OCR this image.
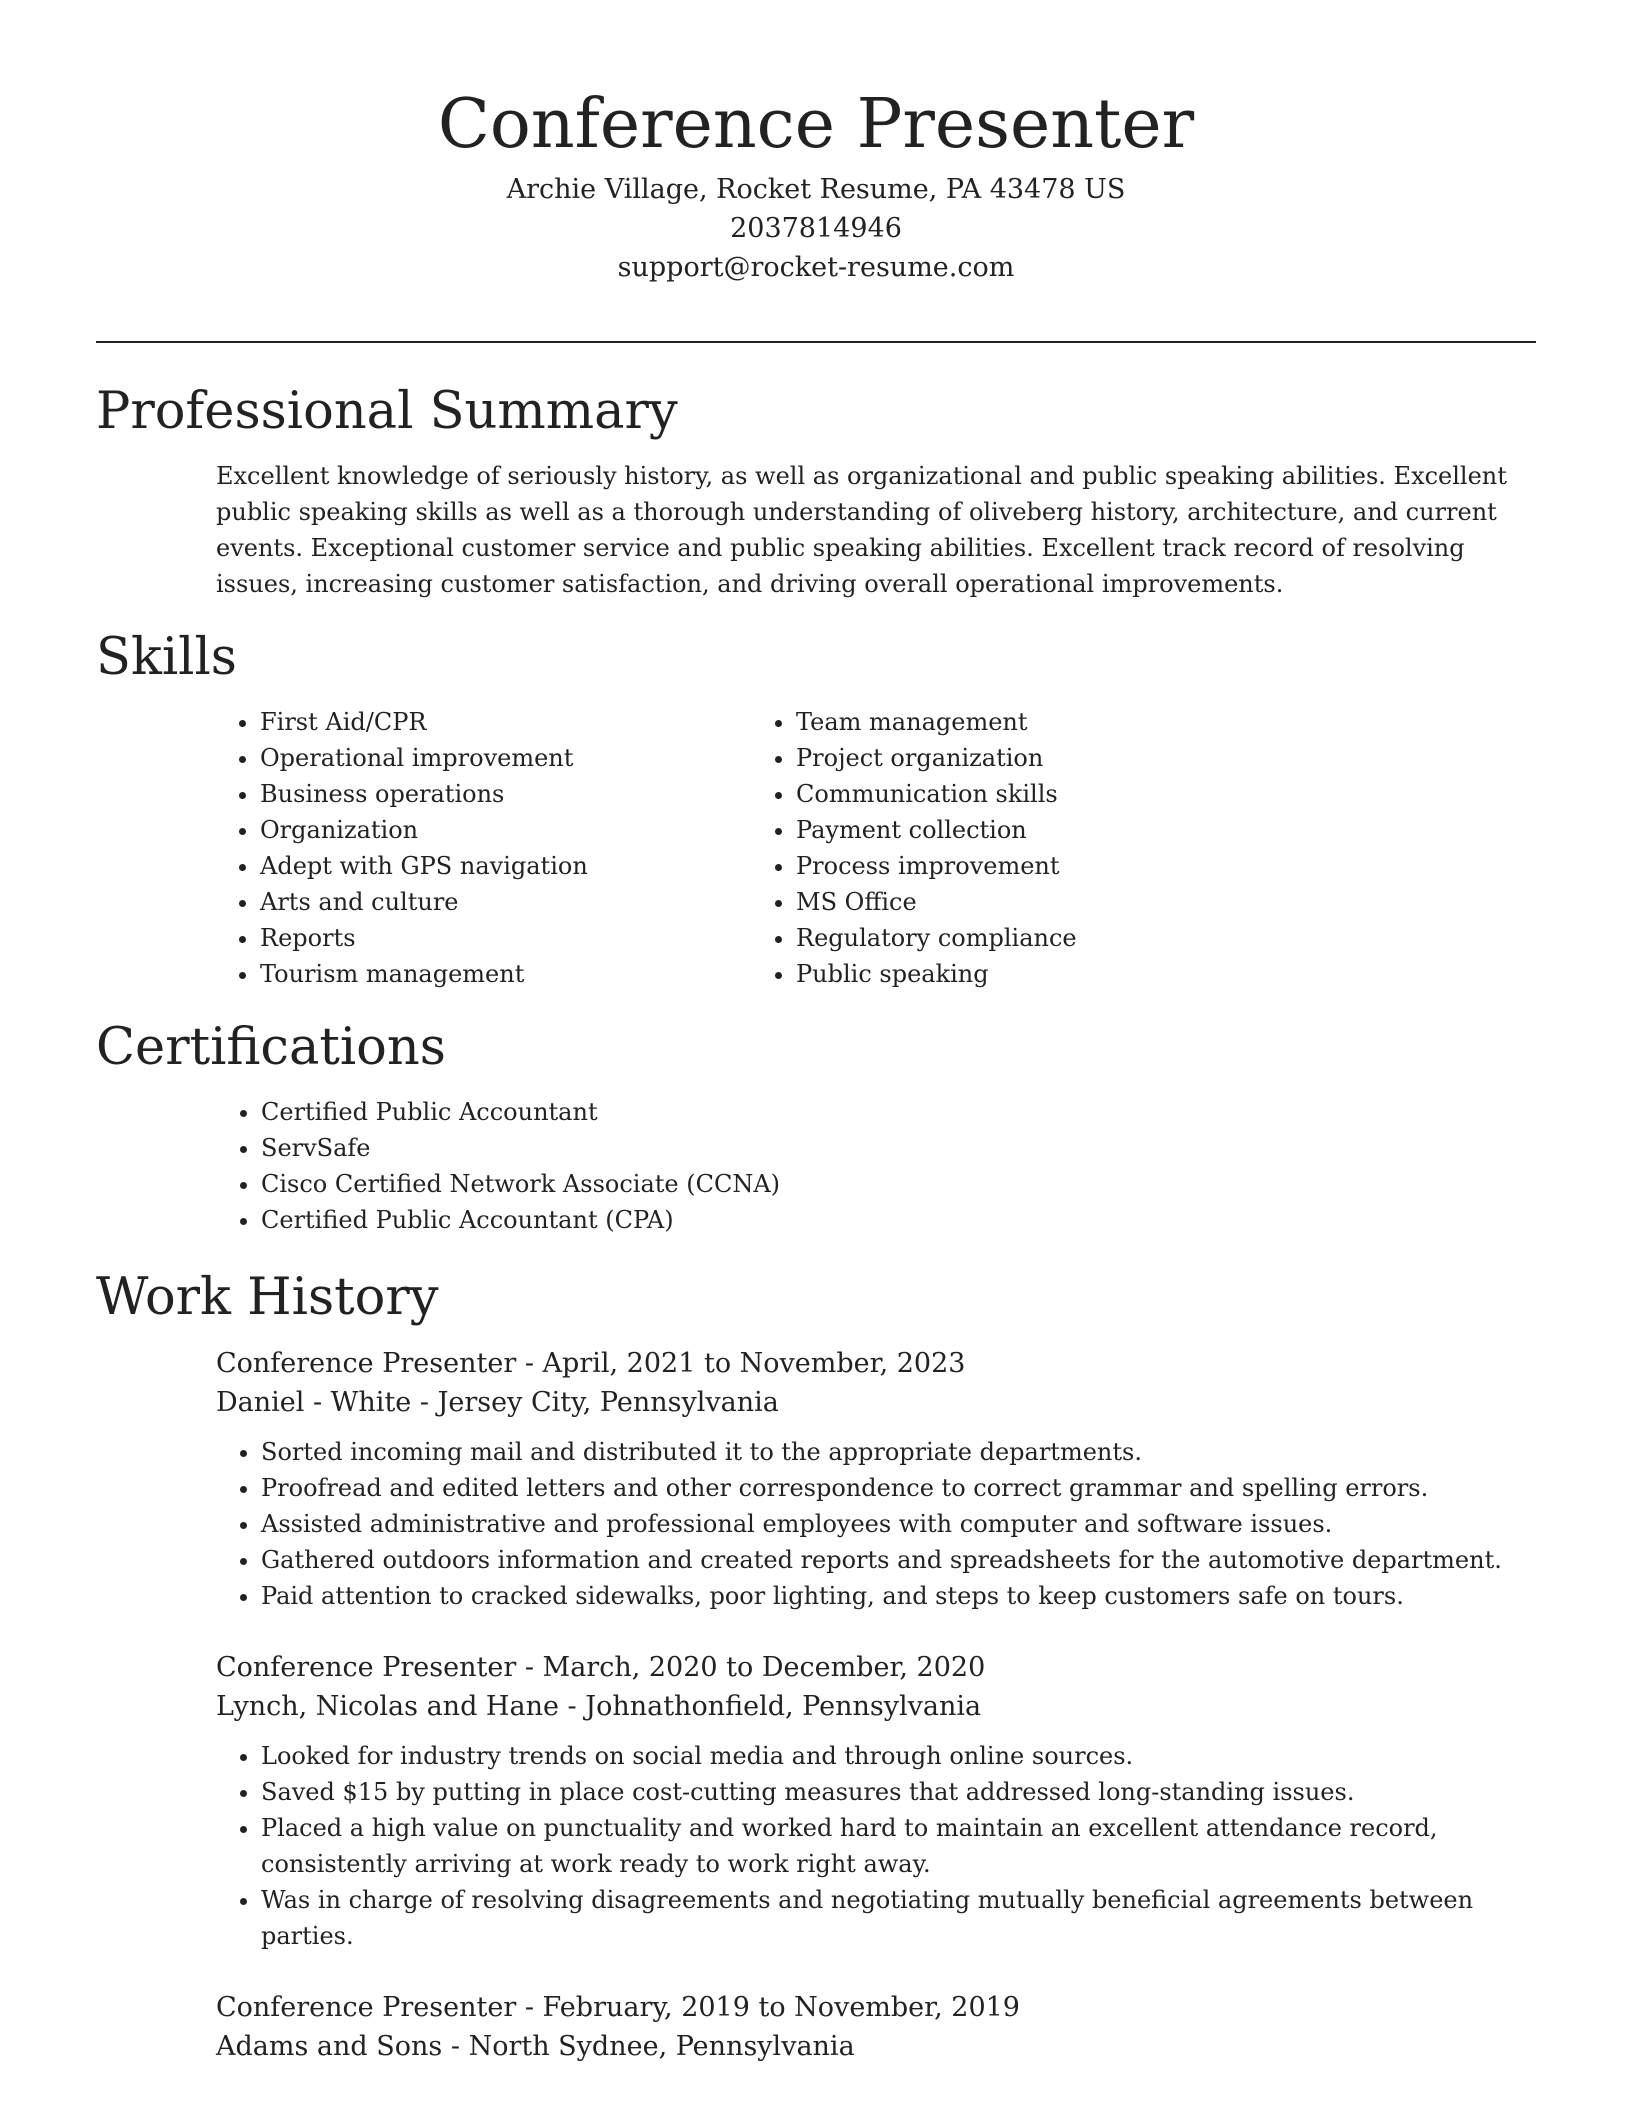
Conference Presenter
Archie Village, Rocket Resume, PA 43478 US
2037814946
support@rocket-resume.com
Professional Summary
Excellent knowledge of seriously history, as well as organizational and public speaking abilities. Excellent public speaking skills as well as a thorough understanding of oliveberg history, architecture, and current events. Exceptional customer service and public speaking abilities. Excellent track record of resolving issues, increasing customer satisfaction, and driving overall operational improvements.
Skills
• First Aid/CPR
• Operational improvement
• Business operations
• Organization
• Adept with GPS navigation
• Arts and culture
• Reports
• Tourism management
• Team management
• Project organization
• Communication skills
• Payment collection
• Process improvement
• MS Office
• Regulatory compliance
• Public speaking
Certifications
• Certified Public Accountant
• ServSafe
• Cisco Certified Network Associate (CCNA)
• Certified Public Accountant (CPA)
Work History
Conference Presenter - April, 2021 to November, 2023
Daniel - White - Jersey City, Pennsylvania
• Sorted incoming mail and distributed it to the appropriate departments.
• Proofread and edited letters and other correspondence to correct grammar and spelling errors.
• Assisted administrative and professional employees with computer and software issues.
• Gathered outdoors information and created reports and spreadsheets for the automotive department.
• Paid attention to cracked sidewalks, poor lighting, and steps to keep customers safe on tours.
Conference Presenter - March, 2020 to December, 2020
Lynch, Nicolas and Hane - Johnathonfield, Pennsylvania
• Looked for industry trends on social media and through online sources.
• Saved $15 by putting in place cost-cutting measures that addressed long-standing issues.
• Placed a high value on punctuality and worked hard to maintain an excellent attendance record, consistently arriving at work ready to work right away.
• Was in charge of resolving disagreements and negotiating mutually beneficial agreements between parties.
Conference Presenter - February, 2019 to November, 2019
Adams and Sons - North Sydnee, Pennsylvania
